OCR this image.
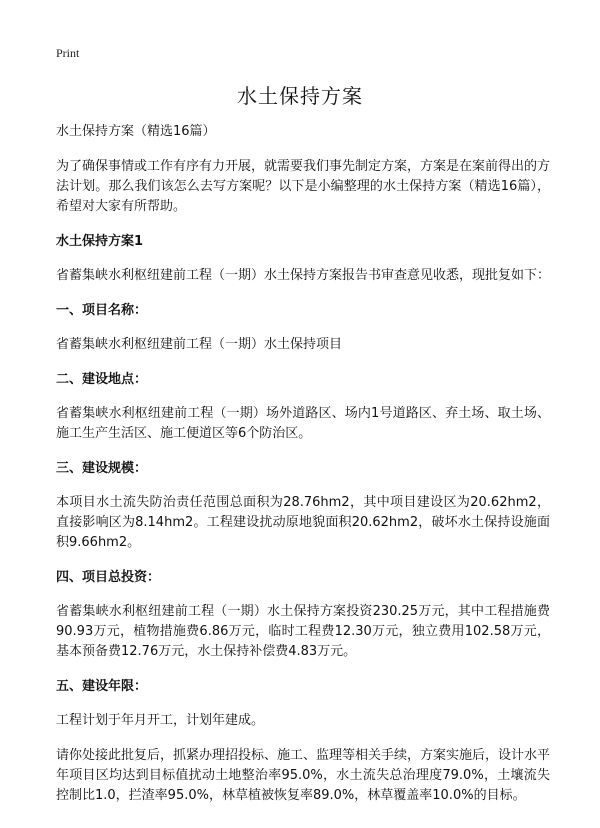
Print
水土保持方案

水土保持方案（精选16篇）

为了确保事情或工作有序有力开展，就需要我们事先制定方案，方案是在案前得出的方法计划。那么我们该怎么去写方案呢？以下是小编整理的水土保持方案（精选16篇），希望对大家有所帮助。

水土保持方案1

省蓄集峡水利枢纽建前工程（一期）水土保持方案报告书审查意见收悉，现批复如下：

一、项目名称：

省蓄集峡水利枢纽建前工程（一期）水土保持项目

二、建设地点：

省蓄集峡水利枢纽建前工程（一期）场外道路区、场内1号道路区、弃土场、取土场、施工生产生活区、施工便道区等6个防治区。

三、建设规模：

本项目水土流失防治责任范围总面积为28.76hm2，其中项目建设区为20.62hm2，直接影响区为8.14hm2。工程建设扰动原地貌面积20.62hm2，破坏水土保持设施面积9.66hm2。

四、项目总投资：

省蓄集峡水利枢纽建前工程（一期）水土保持方案投资230.25万元，其中工程措施费90.93万元，植物措施费6.86万元，临时工程费12.30万元，独立费用102.58万元，基本预备费12.76万元，水土保持补偿费4.83万元。

五、建设年限：

工程计划于年月开工，计划年建成。

请你处接此批复后，抓紧办理招投标、施工、监理等相关手续，方案实施后，设计水平年项目区均达到目标值扰动土地整治率95.0%，水土流失总治理度79.0%，土壤流失控制比1.0，拦渣率95.0%，林草植被恢复率89.0%，林草覆盖率10.0%的目标。
